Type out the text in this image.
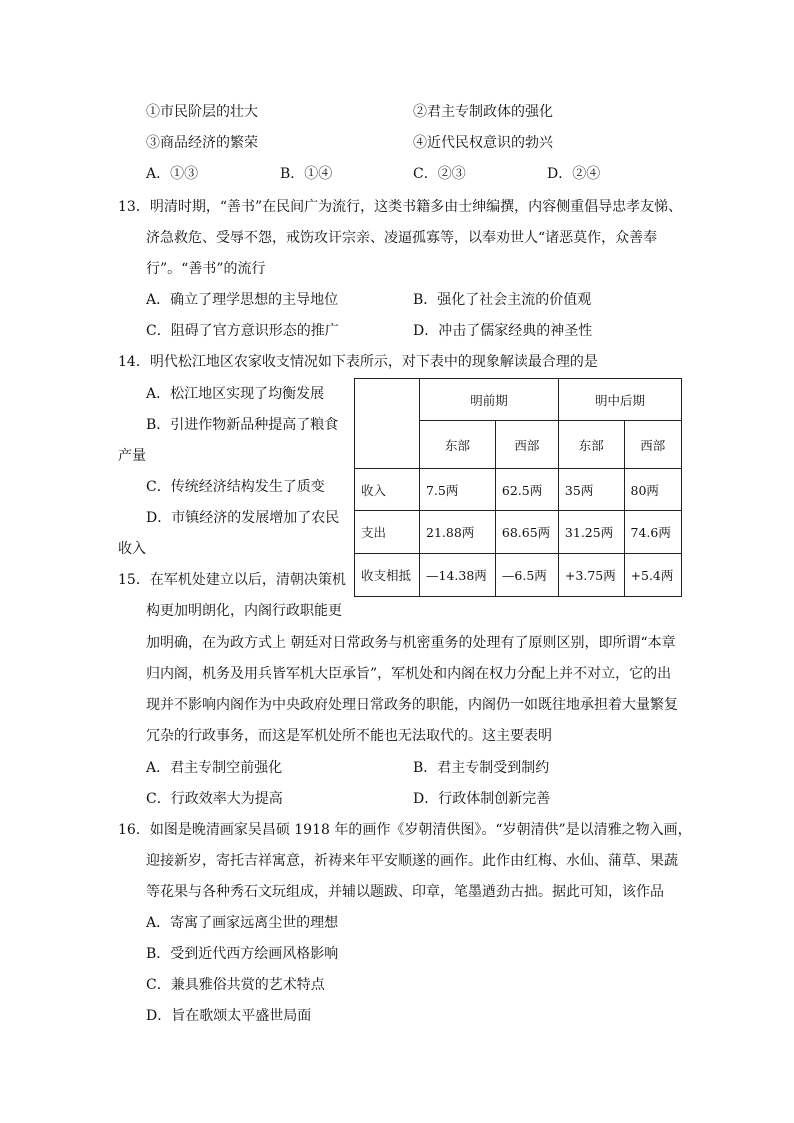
①市民阶层的壮大	②君主专制政体的强化
③商品经济的繁荣	④近代民权意识的勃兴
A．①③	B．①④	C．②③	D．②④
13．明清时期，“善书”在民间广为流行，这类书籍多由士绅编撰，内容侧重倡导忠孝友悌、
济急救危、受辱不怨，戒饬攻讦宗亲、凌逼孤寡等，以奉劝世人“诸恶莫作，众善奉
行”。“善书”的流行
A．确立了理学思想的主导地位	B．强化了社会主流的价值观
C．阻碍了官方意识形态的推广	D．冲击了儒家经典的神圣性
14．明代松江地区农家收支情况如下表所示，对下表中的现象解读最合理的是
A．松江地区实现了均衡发展
B．引进作物新品种提高了粮食
产量
C．传统经济结构发生了质变
D．市镇经济的发展增加了农民
收入
	明前期		明中后期	
	东部	西部	东部	西部
收入	7.5两	62.5两	35两	80两
支出	21.88两	68.65两	31.25两	74.6两
收支相抵	—14.38两	—6.5两	+3.75两	+5.4两
15．在军机处建立以后，清朝决策机
构更加明朗化，内阁行政职能更
加明确，在为政方式上 朝廷对日常政务与机密重务的处理有了原则区别，即所谓“本章
归内阁，机务及用兵皆军机大臣承旨”，军机处和内阁在权力分配上并不对立，它的出
现并不影响内阁作为中央政府处理日常政务的职能，内阁仍一如既往地承担着大量繁复
冗杂的行政事务，而这是军机处所不能也无法取代的。这主要表明
A．君主专制空前强化	B．君主专制受到制约
C．行政效率大为提高	D．行政体制创新完善
16．如图是晚清画家吴昌硕 1918 年的画作《岁朝清供图》。“岁朝清供”是以清雅之物入画，
迎接新岁，寄托吉祥寓意，祈祷来年平安顺遂的画作。此作由红梅、水仙、蒲草、果蔬
等花果与各种秀石文玩组成，并辅以题跋、印章，笔墨遒劲古拙。据此可知，该作品
A．寄寓了画家远离尘世的理想
B．受到近代西方绘画风格影响
C．兼具雅俗共赏的艺术特点
D．旨在歌颂太平盛世局面
